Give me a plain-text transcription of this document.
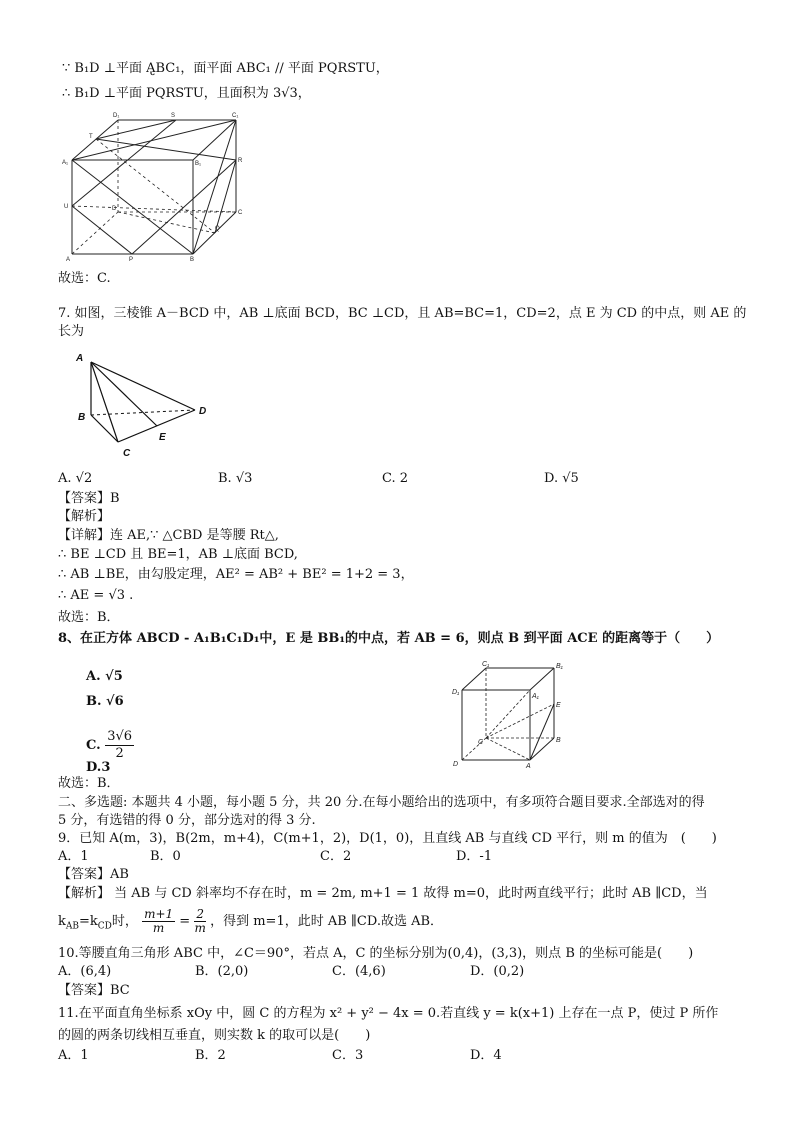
∵ B₁D ⊥平面 A̢BC₁，面平面 ABC₁ // 平面 PQRSTU，
∴ B₁D ⊥平面 PQRSTU，且面积为 3√3，
D₁	S	C₁
T
A₁	B₁	R
U	D
C
Q
A	P	B
故选：C.
7. 如图，三棱锥 A－BCD 中，AB ⊥底面 BCD，BC ⊥CD，且 AB=BC=1，CD=2，点 E 为 CD 的中点，则 AE 的
长为
A
B
C
D
E
A. √2	B. √3	C. 2	D. √5
【答案】B
【解析】
【详解】连 AE,∵ △CBD 是等腰 Rt△,
∴ BE ⊥CD 且 BE=1，AB ⊥底面 BCD,
∴ AB ⊥BE，由勾股定理，AE² = AB² + BE² = 1+2 = 3，
∴ AE = √3 .
故选：B．
8、在正方体 ABCD - A₁B₁C₁D₁中，E 是 BB₁的中点，若 AB = 6，则点 B 到平面 ACE 的距离等于（　　）
A. √5
B. √6
C. $\frac{3√6}{2}$
D.3
C₁	B₁
D₁
A₁
E
C	B
D	A
故选：B．
二、多选题: 本题共 4 小题，每小题 5 分，共 20 分.在每小题给出的选项中，有多项符合题目要求.全部选对的得
5 分，有选错的得 0 分，部分选对的得 3 分.
9．已知 A(m，3)，B(2m，m+4)，C(m+1，2)，D(1，0)，且直线 AB 与直线 CD 平行，则 m 的值为　(　　)
A．1	B．0	C．2	D．-1
【答案】AB
【解析】 当 AB 与 CD 斜率均不存在时，m = 2m, m+1 = 1 故得 m=0，此时两直线平行；此时 AB ∥CD，当
$k_{AB}=k_{CD}$时， $\frac{m+1}{m} = \frac{2}{m}$ ，得到 m=1，此时 AB ∥CD.故选 AB．
10.等腰直角三角形 ABC 中，∠C＝90°，若点 A，C 的坐标分别为(0,4)，(3,3)，则点 B 的坐标可能是(　　)
A．(6,4)	B．(2,0)	C．(4,6)	D．(0,2)
【答案】BC
11.在平面直角坐标系 xOy 中，圆 C 的方程为 x² + y² − 4x = 0.若直线 y = k(x+1) 上存在一点 P，使过 P 所作
的圆的两条切线相互垂直，则实数 k 的取可以是(　　)
A．1	B．2	C．3	D．4
